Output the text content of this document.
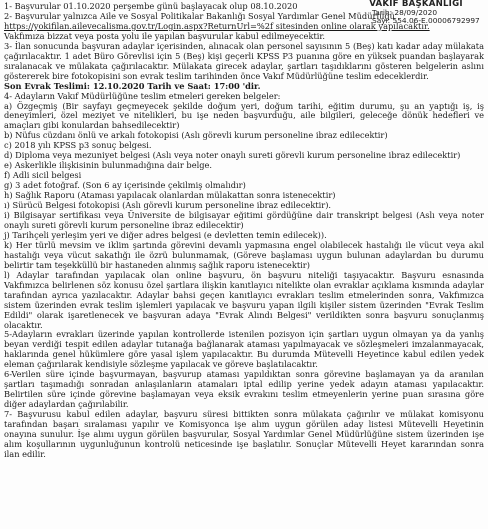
VAKIF BAŞKANLIĞI
Tarih: 28/09/2020
Sayı: 554.06-E.00006792997

1- Başvurular 01.10.2020 perşembe günü başlayacak olup 08.10.2020

2- Başvurular yalnızca Aile ve Sosyal Politikalar Bakanlığı Sosyal Yardımlar Genel Müdürlüğü

https://yokifilan.ailevecalisma.gov.tr/Login.aspx?ReturnUrl=%2f sitesinden online olarak yapılacaktır.

Vakfımıza bizzat veya posta yolu ile yapılan başvurular kabul edilmeyecektir.

3- İlan sonucunda başvuran adaylar içerisinden, alınacak olan personel sayısının 5 (Beş) katı kadar aday mülakata çağırılacaktır. 1 adet Büro Görevlisi için 5 (Beş) kişi geçerli KPSS P3 puanına göre en yüksek puandan başlayarak sıralanacak ve mülakata çağırılacaktır. Mülakata girecek adaylar, şartları taşıdıklarını gösteren belgelerin aslını göstererek bire fotokopisini son evrak teslim tarihinden önce Vakıf Müdürlüğüne teslim edeceklerdir.

Son Evrak Teslimi: 12.10.2020 Tarih ve Saat: 17:00 'dir.

4- Adayların Vakıf Müdürlüğüne teslim etmeleri gereken belgeler:

a) Özgeçmiş (Bir sayfayı geçmeyecek şekilde doğum yeri, doğum tarihi, eğitim durumu, şu an yaptığı iş, iş deneyimleri, özel meziyet ve nitelikleri, bu işe neden başvurduğu, aile bilgileri, geleceğe dönük hedefleri ve amaçları gibi konulardan bahsedilecektir)

b) Nüfus cüzdanı önlü ve arkalı fotokopisi (Aslı görevli kurum personeline ibraz edilecektir)

c) 2018 yılı KPSS p3 sonuç belgesi.

d) Diploma veya mezuniyet belgesi (Aslı veya noter onaylı sureti görevli kurum personeline ibraz edilecektir)

e) Askerlikle ilişkisinin bulunmadığına dair belge.

f) Adli sicil belgesi

g) 3 adet fotoğraf. (Son 6 ay içerisinde çekilmiş olmalıdır)

h) Sağlık Raporu (Ataması yapılacak olanlardan mülakattan sonra istenecektir)

ı) Sürücü Belgesi fotokopisi (Aslı görevli kurum personeline ibraz edilecektir).

i) Bilgisayar sertifikası veya Üniversite de bilgisayar eğitimi gördüğüne dair transkript belgesi (Aslı veya noter onaylı sureti görevli kurum personeline ibraz edilecektir)

j) Tarihçeli yerleşim yeri ve diğer adres belgesi (e devletten temin edilecek)).

k) Her türlü mevsim ve iklim şartında görevini devamlı yapmasına engel olabilecek hastalığı ile vücut veya akıl hastalığı veya vücut sakatlığı ile özrü bulunmamak, (Göreve başlaması uygun bulunan adaylardan bu durumu belirtir tam teşekküllü bir hastaneden alınmış sağlık raporu istenecektir)

l) Adaylar tarafından yapılacak olan online başvuru, ön başvuru niteliği taşıyacaktır. Başvuru esnasında Vakfımızca belirlenen söz konusu özel şartlara ilişkin kanıtlayıcı nitelikte olan evraklar açıklama kısmında adaylar tarafından ayrıca yazılacaktır. Adaylar bahsi geçen kanıtlayıcı evrakları teslim etmelerinden sonra, Vakfımızca sistem üzerinden evrak teslim işlemleri yapılacak ve başvuru yapan ilgili kişiler sistem üzerinden "Evrak Teslim Edildi" olarak işaretlenecek ve başvuran adaya "Evrak Alındı Belgesi" verildikten sonra başvuru sonuçlanmış olacaktır.

5-Adayların evrakları üzerinde yapılan kontrollerde istenilen pozisyon için şartları uygun olmayan ya da yanlış beyan verdiği tespit edilen adaylar tutanağa bağlanarak ataması yapılmayacak ve sözleşmeleri imzalanmayacak, haklarında genel hükümlere göre yasal işlem yapılacaktır. Bu durumda Mütevelli Heyetince kabul edilen yedek eleman çağırılarak kendisiyle sözleşme yapılacak ve göreve başlatılacaktır.

6-Verilen süre içinde başvurmayan, başvurup ataması yapıldıktan sonra görevine başlamayan ya da aranılan şartları taşımadığı sonradan anlaşılanların atamaları iptal edilip yerine yedek adayın ataması yapılacaktır. Belirtilen süre içinde görevine başlamayan veya eksik evrakını teslim etmeyenlerin yerine puan sırasına göre diğer adaylardan çağırılabilir.

7- Başvurusu kabul edilen adaylar, başvuru süresi bittikten sonra mülakata çağırılır ve mülakat komisyonu tarafından başarı sıralaması yapılır ve Komisyonca işe alım uygun görülen aday listesi Mütevelli Heyetinin onayına sunulur. İşe alımı uygun görülen başvurular, Sosyal Yardımlar Genel Müdürlüğüne sistem üzerinden işe alım koşullarının uygunluğunun kontrolü neticesinde işe başlatılır. Sonuçlar Mütevelli Heyet kararından sonra ilan edilir.
